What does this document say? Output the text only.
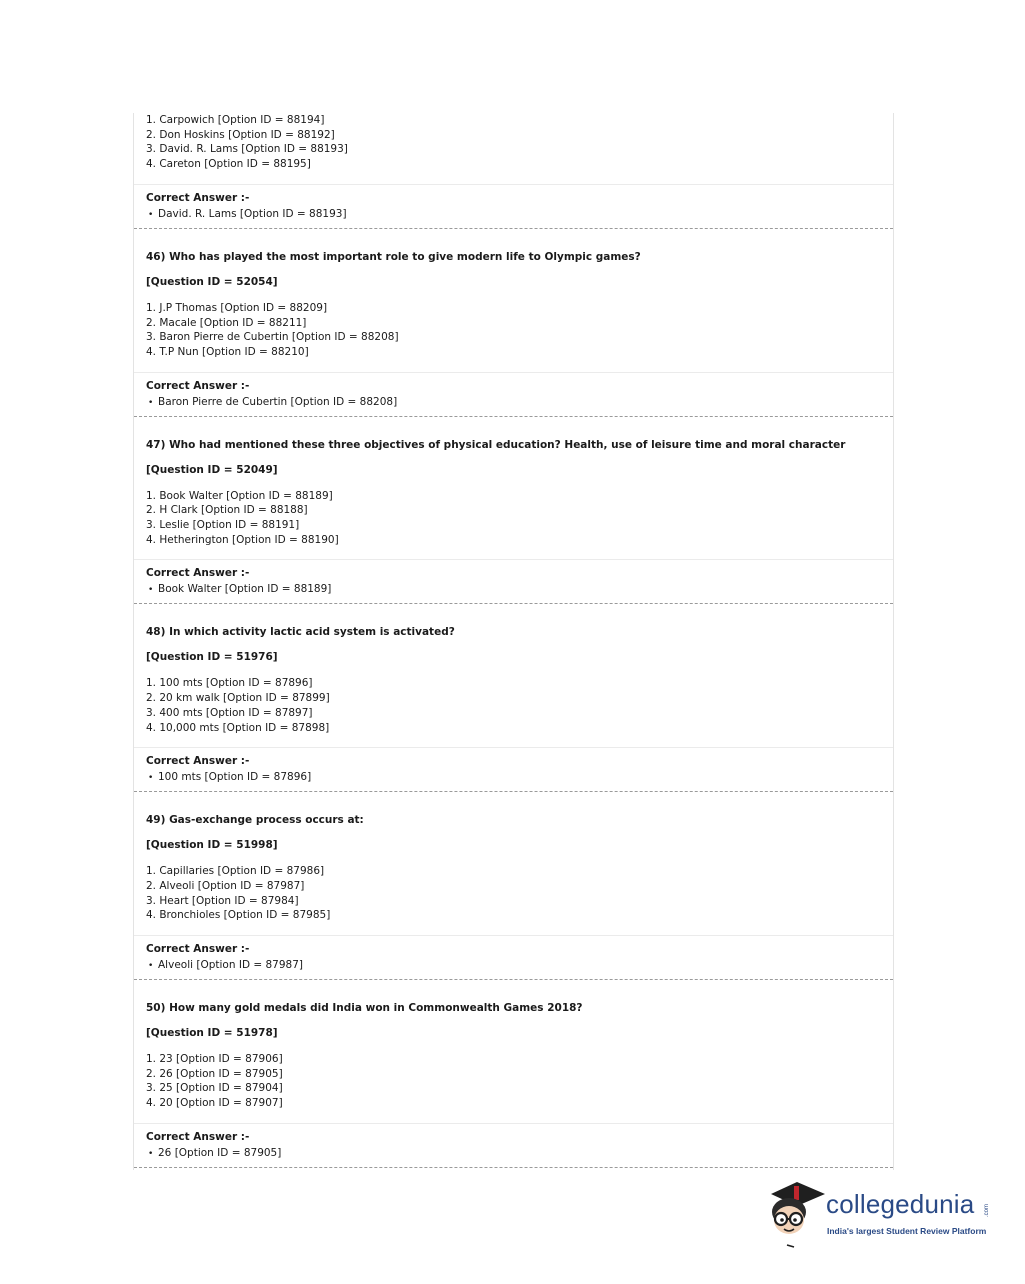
1. Carpowich [Option ID = 88194]
2. Don Hoskins [Option ID = 88192]
3. David. R. Lams [Option ID = 88193]
4. Careton [Option ID = 88195]

Correct Answer :-

• David. R. Lams [Option ID = 88193]

46) Who has played the most important role to give modern life to Olympic games?

[Question ID = 52054]

1. J.P Thomas [Option ID = 88209]
2. Macale [Option ID = 88211]
3. Baron Pierre de Cubertin [Option ID = 88208]
4. T.P Nun [Option ID = 88210]

Correct Answer :-

• Baron Pierre de Cubertin [Option ID = 88208]

47) Who had mentioned these three objectives of physical education? Health, use of leisure time and moral character

[Question ID = 52049]

1. Book Walter [Option ID = 88189]
2. H Clark [Option ID = 88188]
3. Leslie [Option ID = 88191]
4. Hetherington [Option ID = 88190]

Correct Answer :-

• Book Walter [Option ID = 88189]

48) In which activity lactic acid system is activated?

[Question ID = 51976]

1. 100 mts [Option ID = 87896]
2. 20 km walk [Option ID = 87899]
3. 400 mts [Option ID = 87897]
4. 10,000 mts [Option ID = 87898]

Correct Answer :-

• 100 mts [Option ID = 87896]

49) Gas-exchange process occurs at:

[Question ID = 51998]

1. Capillaries [Option ID = 87986]
2. Alveoli [Option ID = 87987]
3. Heart [Option ID = 87984]
4. Bronchioles [Option ID = 87985]

Correct Answer :-

• Alveoli [Option ID = 87987]

50) How many gold medals did India won in Commonwealth Games 2018?

[Question ID = 51978]

1. 23 [Option ID = 87906]
2. 26 [Option ID = 87905]
3. 25 [Option ID = 87904]
4. 20 [Option ID = 87907]

Correct Answer :-

• 26 [Option ID = 87905]
collegedunia .com
India's largest Student Review Platform
